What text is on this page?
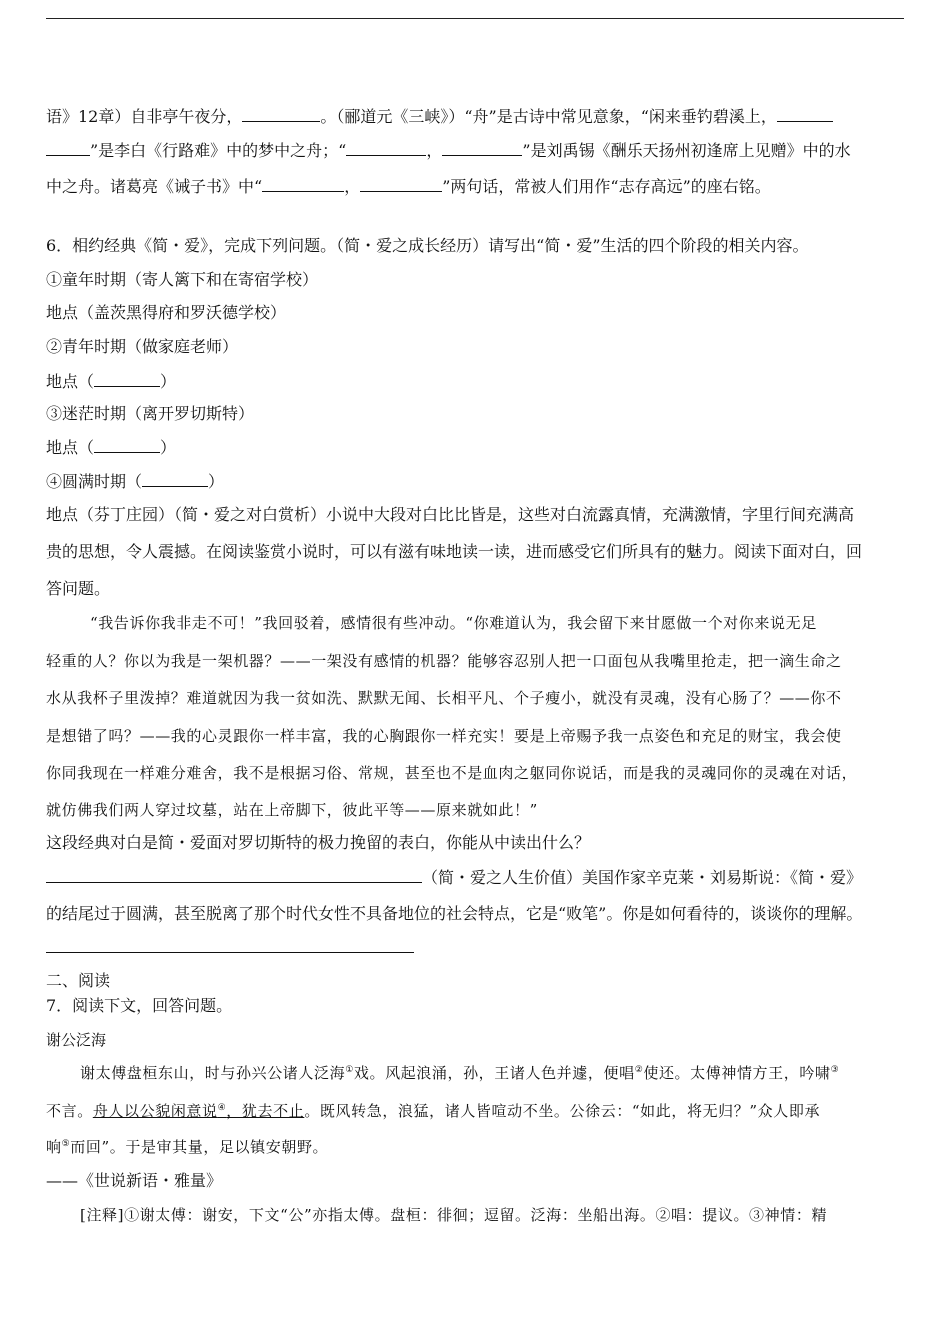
语》12章）自非亭午夜分，	。（郦道元《三峡》）“舟”是古诗中常见意象，“闲来垂钓碧溪上，
”是李白《行路难》中的梦中之舟；“	，	”是刘禹锡《酬乐天扬州初逢席上见赠》中的水
中之舟。诸葛亮《诫子书》中“	，	”两句话，常被人们用作“志存高远”的座右铭。
6．相约经典《简・爱》，完成下列问题。（简・爱之成长经历）请写出“简・爱”生活的四个阶段的相关内容。
①童年时期（寄人篱下和在寄宿学校）
地点（盖茨黑得府和罗沃德学校）
②青年时期（做家庭老师）
地点（	）
③迷茫时期（离开罗切斯特）
地点（	）
④圆满时期（	）
地点（芬丁庄园）（简・爱之对白赏析）小说中大段对白比比皆是，这些对白流露真情，充满激情，字里行间充满高
贵的思想，令人震撼。在阅读鉴赏小说时，可以有滋有味地读一读，进而感受它们所具有的魅力。阅读下面对白，回
答问题。
“我告诉你我非走不可！”我回驳着，感情很有些冲动。“你难道认为，我会留下来甘愿做一个对你来说无足
轻重的人？你以为我是一架机器？——一架没有感情的机器？能够容忍别人把一口面包从我嘴里抢走，把一滴生命之
水从我杯子里泼掉？难道就因为我一贫如洗、默默无闻、长相平凡、个子瘦小，就没有灵魂，没有心肠了？——你不
是想错了吗？——我的心灵跟你一样丰富，我的心胸跟你一样充实！要是上帝赐予我一点姿色和充足的财宝，我会使
你同我现在一样难分难舍，我不是根据习俗、常规，甚至也不是血肉之躯同你说话，而是我的灵魂同你的灵魂在对话，
就仿佛我们两人穿过坟墓，站在上帝脚下，彼此平等——原来就如此！”
这段经典对白是简・爱面对罗切斯特的极力挽留的表白，你能从中读出什么？
（简・爱之人生价值）美国作家辛克莱・刘易斯说：《简・爱》
的结尾过于圆满，甚至脱离了那个时代女性不具备地位的社会特点，它是“败笔”。你是如何看待的，谈谈你的理解。
二、阅读
7．阅读下文，回答问题。
谢公泛海
谢太傅盘桓东山，时与孙兴公诸人泛海①戏。风起浪涌，孙，王诸人色并遽，便唱②使还。太傅神情方王，吟啸③
不言。舟人以公貌闲意说④，犹去不止。既风转急，浪猛，诸人皆喧动不坐。公徐云：“如此，将无归？”众人即承
响⑤而回”。于是审其量，足以镇安朝野。
——《世说新语・雅量》
[注释]①谢太傅：谢安，下文“公”亦指太傅。盘桓：徘徊；逗留。泛海：坐船出海。②唱：提议。③神情：精
